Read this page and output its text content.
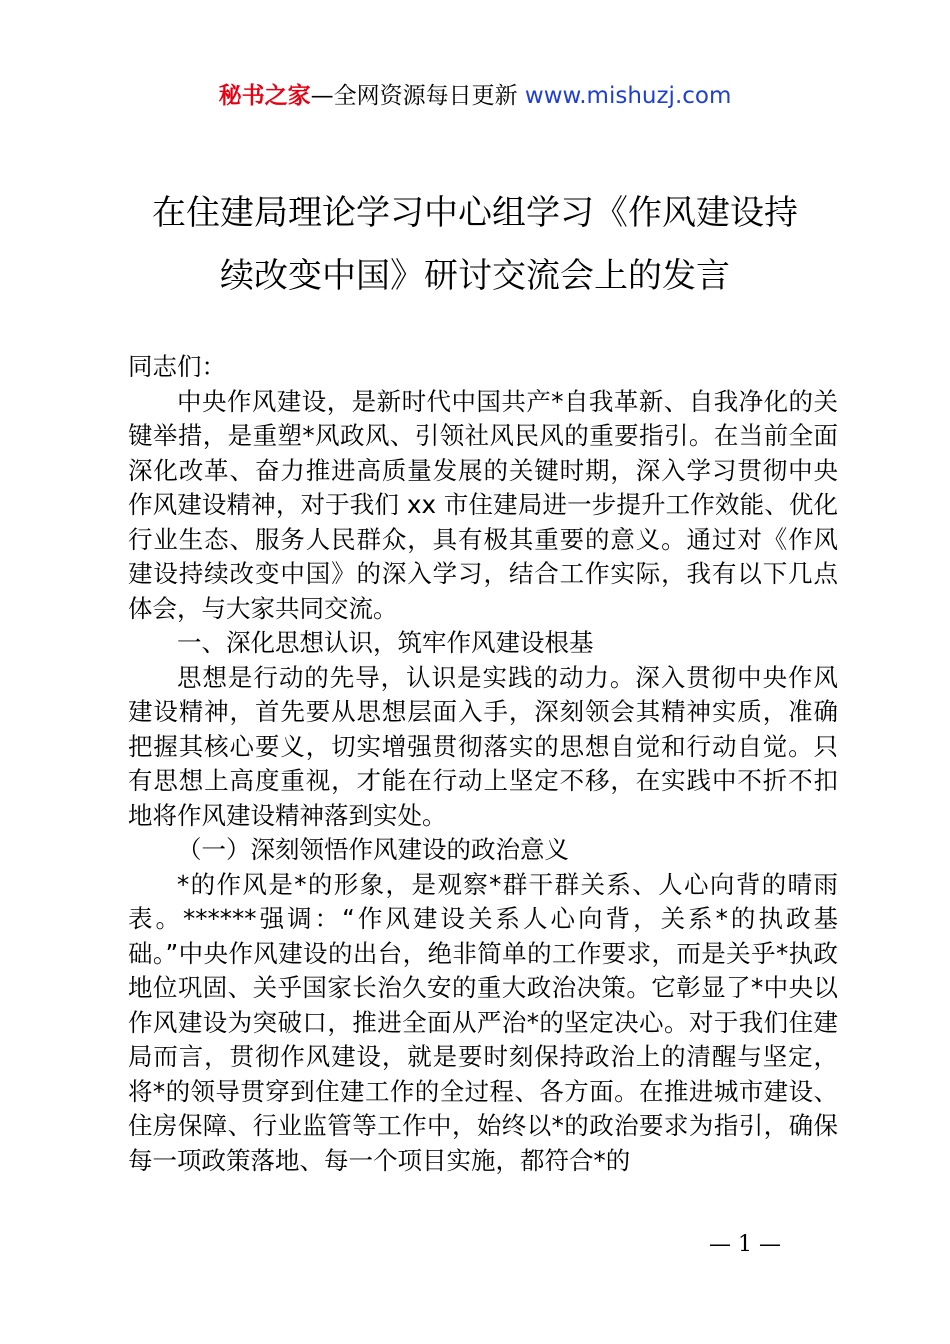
秘书之家—全网资源每日更新 www.mishuzj.com
在住建局理论学习中心组学习《作风建设持
续改变中国》研讨交流会上的发言

同志们：

中央作风建设，是新时代中国共产*自我革新、自我净化的关键举措，是重塑*风政风、引领社风民风的重要指引。在当前全面深化改革、奋力推进高质量发展的关键时期，深入学习贯彻中央作风建设精神，对于我们 xx 市住建局进一步提升工作效能、优化行业生态、服务人民群众，具有极其重要的意义。通过对《作风建设持续改变中国》的深入学习，结合工作实际，我有以下几点体会，与大家共同交流。

一、深化思想认识，筑牢作风建设根基

思想是行动的先导，认识是实践的动力。深入贯彻中央作风建设精神，首先要从思想层面入手，深刻领会其精神实质，准确把握其核心要义，切实增强贯彻落实的思想自觉和行动自觉。只有思想上高度重视，才能在行动上坚定不移，在实践中不折不扣地将作风建设精神落到实处。

（一）深刻领悟作风建设的政治意义

*的作风是*的形象，是观察*群干群关系、人心向背的晴雨表。******强调：“作风建设关系人心向背，关系*的执政基础。”中央作风建设的出台，绝非简单的工作要求，而是关乎*执政地位巩固、关乎国家长治久安的重大政治决策。它彰显了*中央以作风建设为突破口，推进全面从严治*的坚定决心。对于我们住建局而言，贯彻作风建设，就是要时刻保持政治上的清醒与坚定，将*的领导贯穿到住建工作的全过程、各方面。在推进城市建设、住房保障、行业监管等工作中，始终以*的政治要求为指引，确保每一项政策落地、每一个项目实施，都符合*的

— 1 —
